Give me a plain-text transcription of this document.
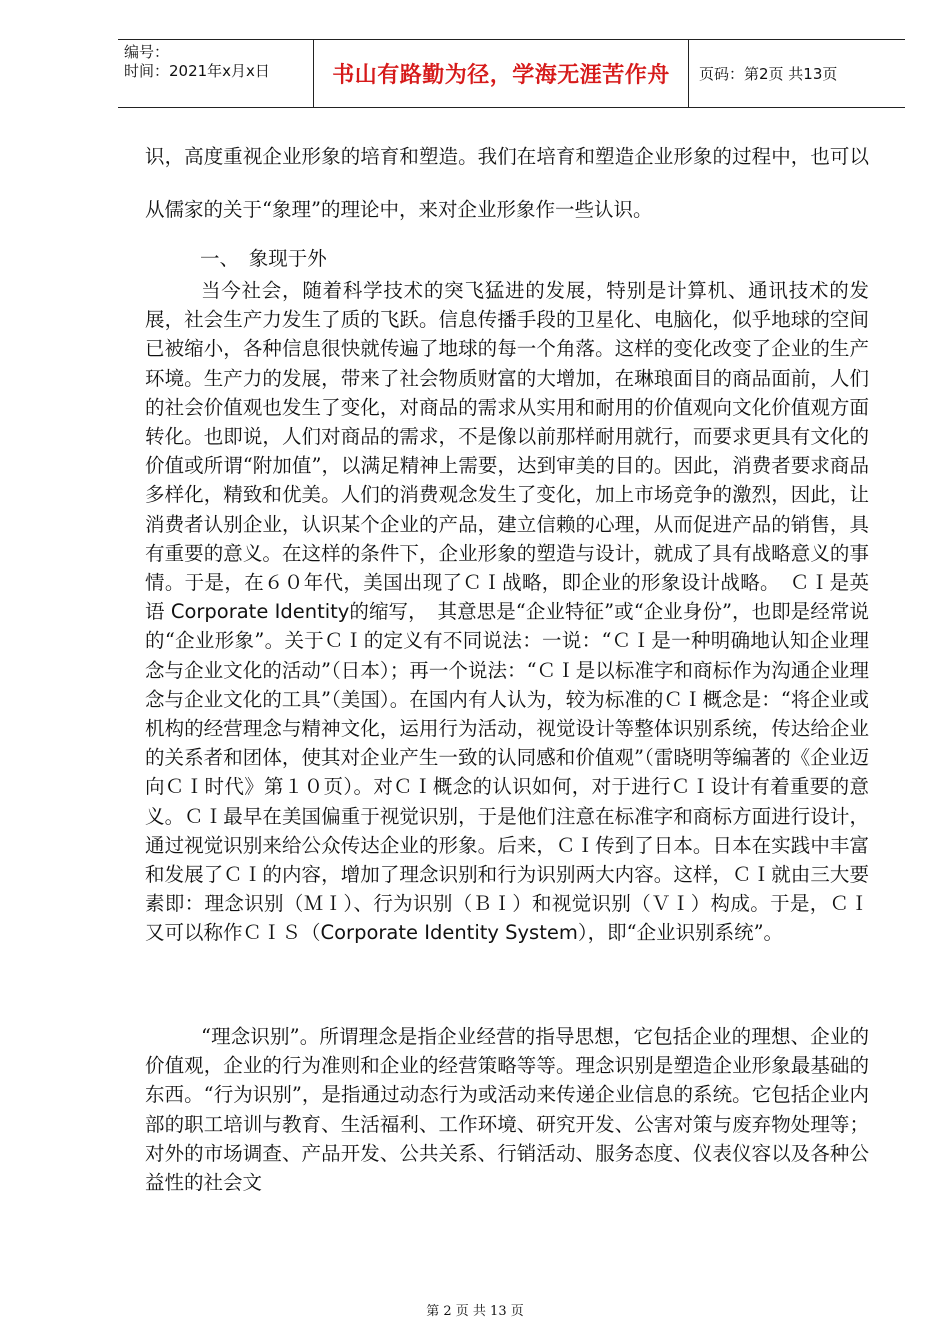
编号：
时间：2021年x月x日	书山有路勤为径，学海无涯苦作舟	页码：第2页 共13页
识，高度重视企业形象的培育和塑造。我们在培育和塑造企业形象的过程中，也可以从儒家的关于“象理”的理论中，来对企业形象作一些认识。
一、　象现于外
当今社会，随着科学技术的突飞猛进的发展，特别是计算机、通讯技术的发展，社会生产力发生了质的飞跃。信息传播手段的卫星化、电脑化，似乎地球的空间已被缩小，各种信息很快就传遍了地球的每一个角落。这样的变化改变了企业的生产环境。生产力的发展，带来了社会物质财富的大增加，在琳琅面目的商品面前，人们的社会价值观也发生了变化，对商品的需求从实用和耐用的价值观向文化价值观方面转化。也即说，人们对商品的需求，不是像以前那样耐用就行，而要求更具有文化的价值或所谓“附加值”，以满足精神上需要，达到审美的目的。因此，消费者要求商品多样化，精致和优美。人们的消费观念发生了变化，加上市场竞争的激烈，因此，让消费者认别企业，认识某个企业的产品，建立信赖的心理，从而促进产品的销售，具有重要的意义。在这样的条件下，企业形象的塑造与设计，就成了具有战略意义的事情。于是，在６０年代，美国出现了ＣＩ战略，即企业的形象设计战略。　ＣＩ是英语 Corporate Identity的缩写，　其意思是“企业特征”或“企业身份”，也即是经常说的“企业形象”。关于ＣＩ的定义有不同说法：一说：“ＣＩ是一种明确地认知企业理念与企业文化的活动”（日本）；再一个说法：“ＣＩ是以标准字和商标作为沟通企业理念与企业文化的工具”（美国）。在国内有人认为，较为标准的ＣＩ概念是：“将企业或机构的经营理念与精神文化，运用行为活动，视觉设计等整体识别系统，传达给企业的关系者和团体，使其对企业产生一致的认同感和价值观”（雷晓明等编著的《企业迈向ＣＩ时代》第１０页）。对ＣＩ概念的认识如何，对于进行ＣＩ设计有着重要的意义。ＣＩ最早在美国偏重于视觉识别，于是他们注意在标准字和商标方面进行设计，通过视觉识别来给公众传达企业的形象。后来，ＣＩ传到了日本。日本在实践中丰富和发展了ＣＩ的内容，增加了理念识别和行为识别两大内容。这样，ＣＩ就由三大要素即：理念识别（ＭＩ）、行为识别（ＢＩ）和视觉识别（ＶＩ）构成。于是，ＣＩ又可以称作ＣＩＳ（Corporate Identity System），即“企业识别系统”。
“理念识别”。所谓理念是指企业经营的指导思想，它包括企业的理想、企业的价值观，企业的行为准则和企业的经营策略等等。理念识别是塑造企业形象最基础的东西。“行为识别”，是指通过动态行为或活动来传递企业信息的系统。它包括企业内部的职工培训与教育、生活福利、工作环境、研究开发、公害对策与废弃物处理等；对外的市场调查、产品开发、公共关系、行销活动、服务态度、仪表仪容以及各种公益性的社会文
第 2 页 共 13 页
